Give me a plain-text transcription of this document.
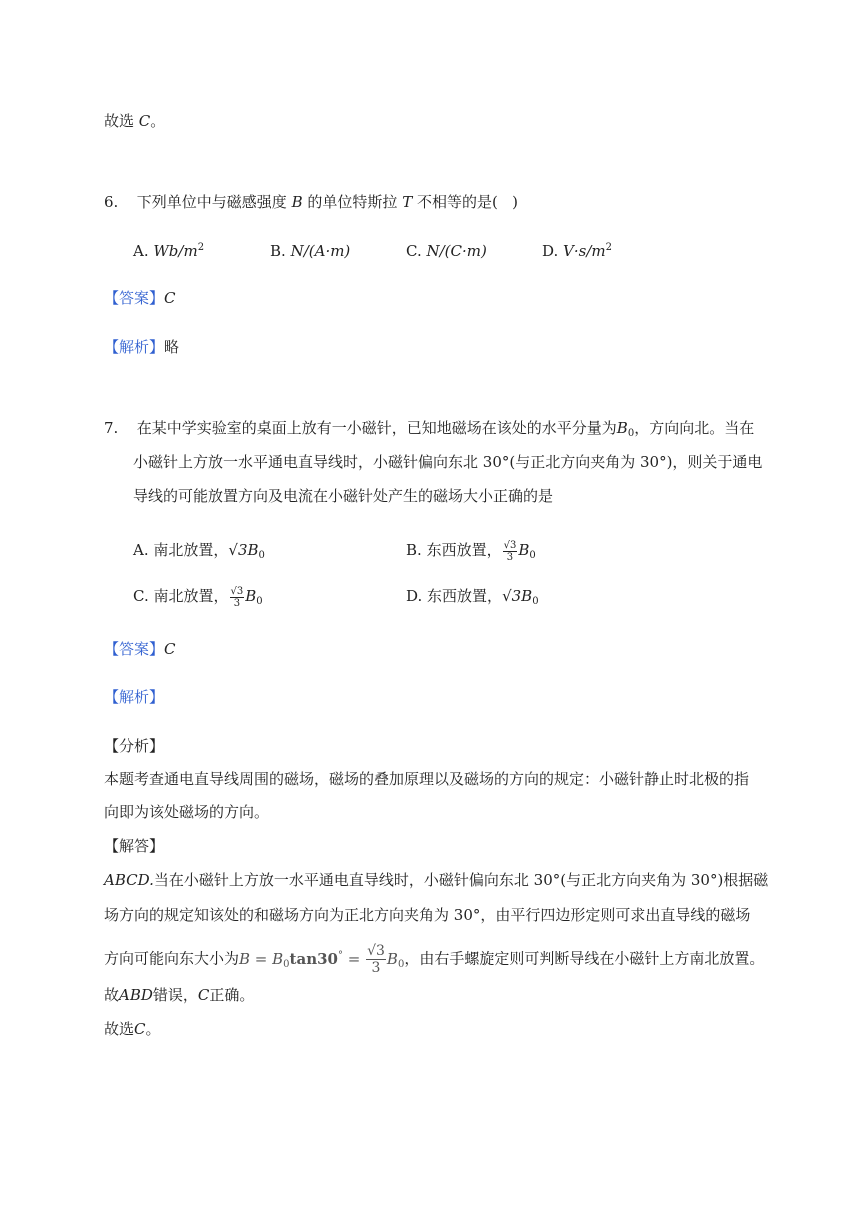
故选 C。
6. 下列单位中与磁感强度 B 的单位特斯拉 T 不相等的是( )
A. $Wb/m^2$	B. N/(A·m)	C. N/(C·m)	D. $V\cdot s/m^2$
【答案】C
【解析】略
7. 在某中学实验室的桌面上放有一小磁针，已知地磁场在该处的水平分量为$B_0$，方向向北。当在
小磁针上方放一水平通电直导线时，小磁针偏向东北 30°(与正北方向夹角为 30°)，则关于通电
导线的可能放置方向及电流在小磁针处产生的磁场大小正确的是
A. 南北放置，$√3B_0$	B. 东西放置， $\frac{√3}{3} B_0$
C. 南北放置， $\frac{√3}{3} B_0$	D. 东西放置，$√3B_0$
【答案】C
【解析】
【分析】
本题考查通电直导线周围的磁场，磁场的叠加原理以及磁场的方向的规定：小磁针静止时北极的指
向即为该处磁场的方向。
【解答】
ABCD.当在小磁针上方放一水平通电直导线时，小磁针偏向东北 30°(与正北方向夹角为 30°)根据磁
场方向的规定知该处的和磁场方向为正北方向夹角为 30°，由平行四边形定则可求出直导线的磁场
方向可能向东大小为$B = B_0\tan 30^\circ = \frac{√3}{3} B_0$，由右手螺旋定则可判断导线在小磁针上方南北放置。
故ABD错误，C正确。
故选C。
